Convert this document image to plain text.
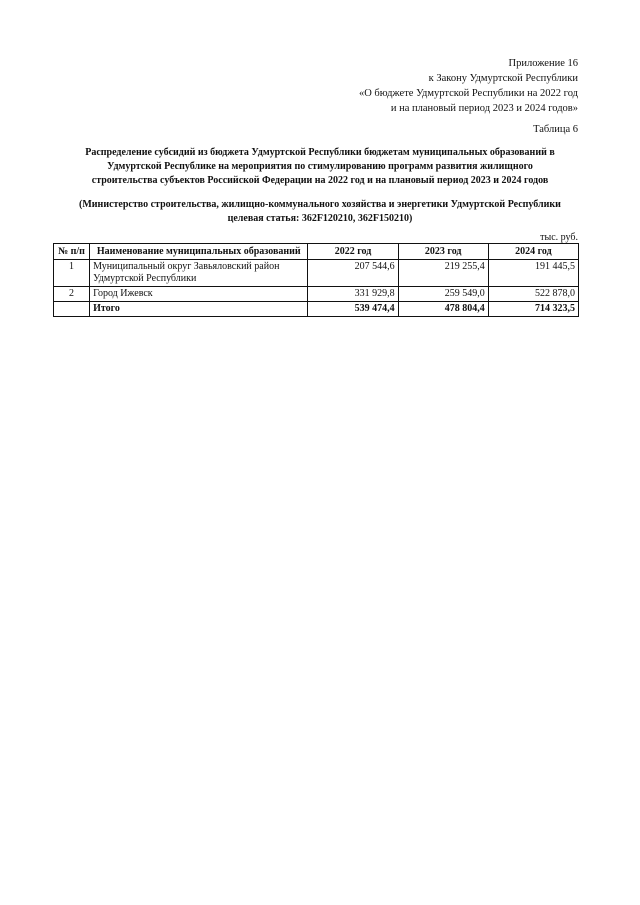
Приложение 16
к Закону Удмуртской Республики
«О бюджете Удмуртской Республики на 2022 год
и на плановый период 2023 и 2024 годов»
Таблица 6
Распределение субсидий из бюджета Удмуртской Республики бюджетам муниципальных образований в
Удмуртской Республике на мероприятия по стимулированию программ развития жилищного
строительства субъектов Российской Федерации на 2022 год и на плановый период 2023 и 2024 годов
(Министерство строительства, жилищно-коммунального хозяйства и энергетики Удмуртской Республики
целевая статья: 362F120210, 362F150210)
тыс. руб.
№ п/п	Наименование муниципальных образований	2022 год	2023 год	2024 год
1	Муниципальный округ Завьяловский район Удмуртской Республики	207 544,6	219 255,4	191 445,5
2	Город Ижевск	331 929,8	259 549,0	522 878,0
	Итого	539 474,4	478 804,4	714 323,5
